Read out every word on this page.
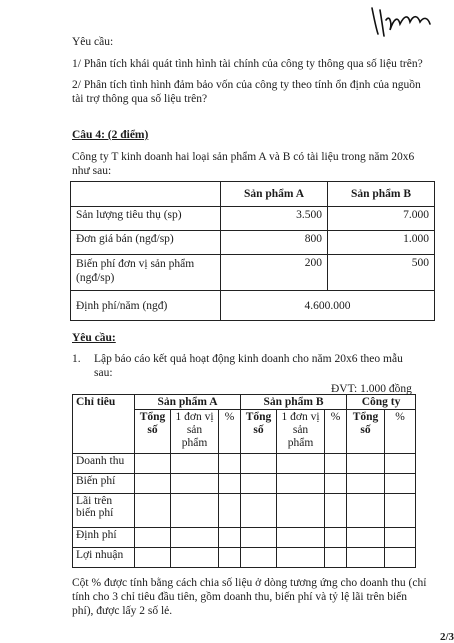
Yêu cầu:

1/ Phân tích khái quát tình hình tài chính của công ty thông qua số liệu trên?

2/ Phân tích tình hình đảm bảo vốn của công ty theo tính ổn định của nguồn

tài trợ thông qua số liệu trên?

Câu 4: (2 điểm)

Công ty T kinh doanh hai loại sản phẩm A và B có tài liệu trong năm 20x6

như sau:

	Sản phẩm A	Sản phẩm B
Sản lượng tiêu thụ (sp)	3.500	7.000
Đơn giá bán (ngđ/sp)	800	1.000
Biến phí đơn vị sản phẩm (ngđ/sp)	200	500
Định phí/năm (ngđ)	4.600.000	

Yêu cầu:

1. Lập báo cáo kết quả hoạt động kinh doanh cho năm 20x6 theo mẫu

sau:

ĐVT: 1.000 đồng

Chỉ tiêu	Sản phẩm A			Sản phẩm B			Công ty	
	Tổng số	1 đơn vị sản phẩm	%	Tổng số	1 đơn vị sản phẩm	%	Tổng số	%
Doanh thu								
Biến phí								
Lãi trên biến phí								
Định phí								
Lợi nhuận								

Cột % được tính bằng cách chia số liệu ở dòng tương ứng cho doanh thu (chỉ

tính cho 3 chỉ tiêu đầu tiên, gồm doanh thu, biến phí và tỷ lệ lãi trên biến

phí), được lấy 2 số lẻ.

2/3
